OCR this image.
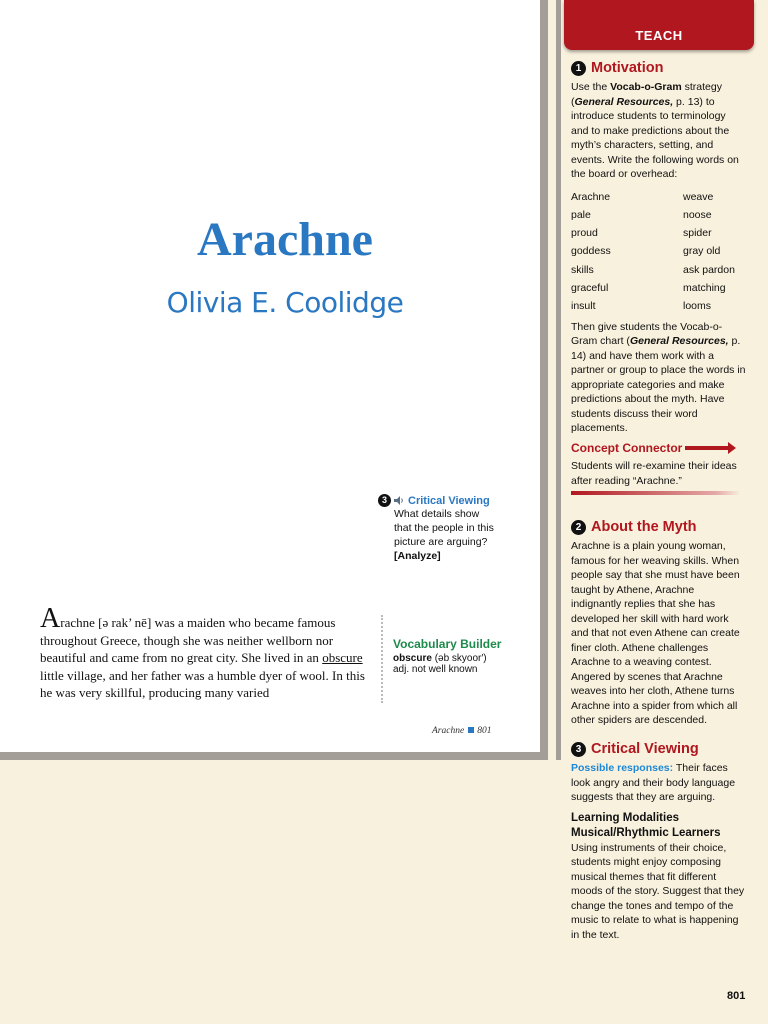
Arachne
Olivia E. Coolidge
3	Critical Viewing
What details show that the people in this picture are arguing?[Analyze]
Arachne [ə rak’ nē] was a maiden who became famous throughout Greece, though she was neither wellborn nor beautiful and came from no great city. She lived in an obscure little village, and her father was a humble dyer of wool. In this he was very skillful, producing many varied
Vocabulary Builder
obscure (əb skyoor′)
adj. not well known
Arachne 801
TEACH
1 Motivation
Use the Vocab-o-Gram strategy (General Resources, p. 13) to introduce students to terminology and to make predictions about the myth’s characters, setting, and events. Write the following words on the board or overhead:
Arachne	weave
pale	noose
proud	spider
goddess	gray old
skills	ask pardon
graceful	matching
insult	looms
Then give students the Vocab-o-Gram chart (General Resources, p. 14) and have them work with a partner or group to place the words in appropriate categories and make predictions about the myth. Have students discuss their word placements.
Concept Connector
Students will re-examine their ideas after reading “Arachne.”
2 About the Myth
Arachne is a plain young woman, famous for her weaving skills. When people say that she must have been taught by Athene, Arachne indignantly replies that she has developed her skill with hard work and that not even Athene can create finer cloth. Athene challenges Arachne to a weaving contest. Angered by scenes that Arachne weaves into her cloth, Athene turns Arachne into a spider from which all other spiders are descended.
3 Critical Viewing
Possible responses: Their faces look angry and their body language suggests that they are arguing.
Learning Modalities
Musical/Rhythmic Learners
Using instruments of their choice, students might enjoy composing musical themes that fit different moods of the story. Suggest that they change the tones and tempo of the music to relate to what is happening in the text.
801
